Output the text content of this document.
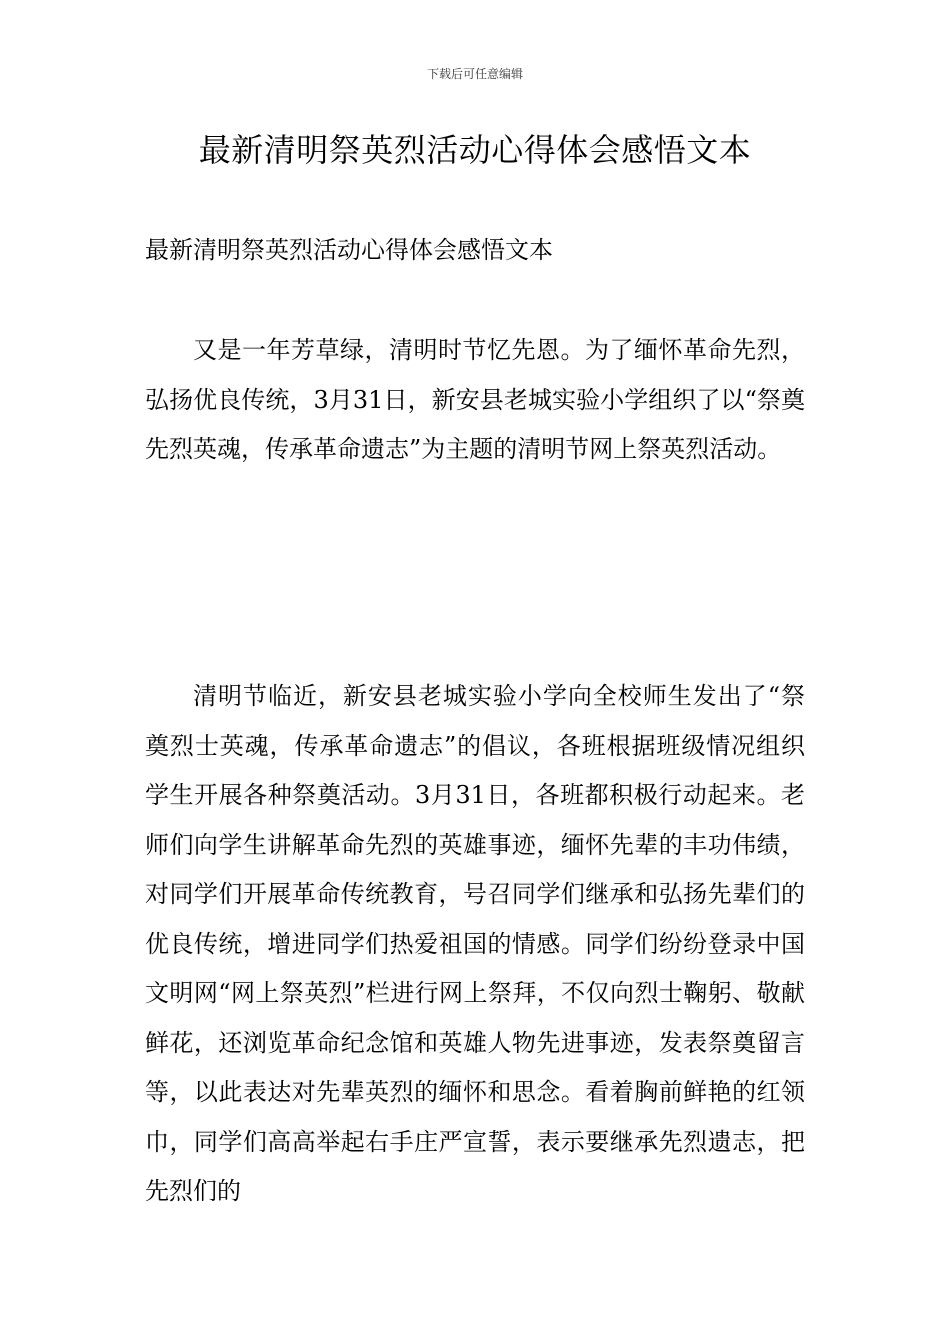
下载后可任意编辑
最新清明祭英烈活动心得体会感悟文本

最新清明祭英烈活动心得体会感悟文本

又是一年芳草绿，清明时节忆先恩。为了缅怀革命先烈，弘扬优良传统，3月31日，新安县老城实验小学组织了以“祭奠先烈英魂，传承革命遗志”为主题的清明节网上祭英烈活动。

清明节临近，新安县老城实验小学向全校师生发出了“祭奠烈士英魂，传承革命遗志”的倡议，各班根据班级情况组织学生开展各种祭奠活动。3月31日，各班都积极行动起来。老师们向学生讲解革命先烈的英雄事迹，缅怀先辈的丰功伟绩，对同学们开展革命传统教育，号召同学们继承和弘扬先辈们的优良传统，增进同学们热爱祖国的情感。同学们纷纷登录中国文明网“网上祭英烈”栏进行网上祭拜，不仅向烈士鞠躬、敬献鲜花，还浏览革命纪念馆和英雄人物先进事迹，发表祭奠留言等，以此表达对先辈英烈的缅怀和思念。看着胸前鲜艳的红领巾，同学们高高举起右手庄严宣誓，表示要继承先烈遗志，把先烈们的
